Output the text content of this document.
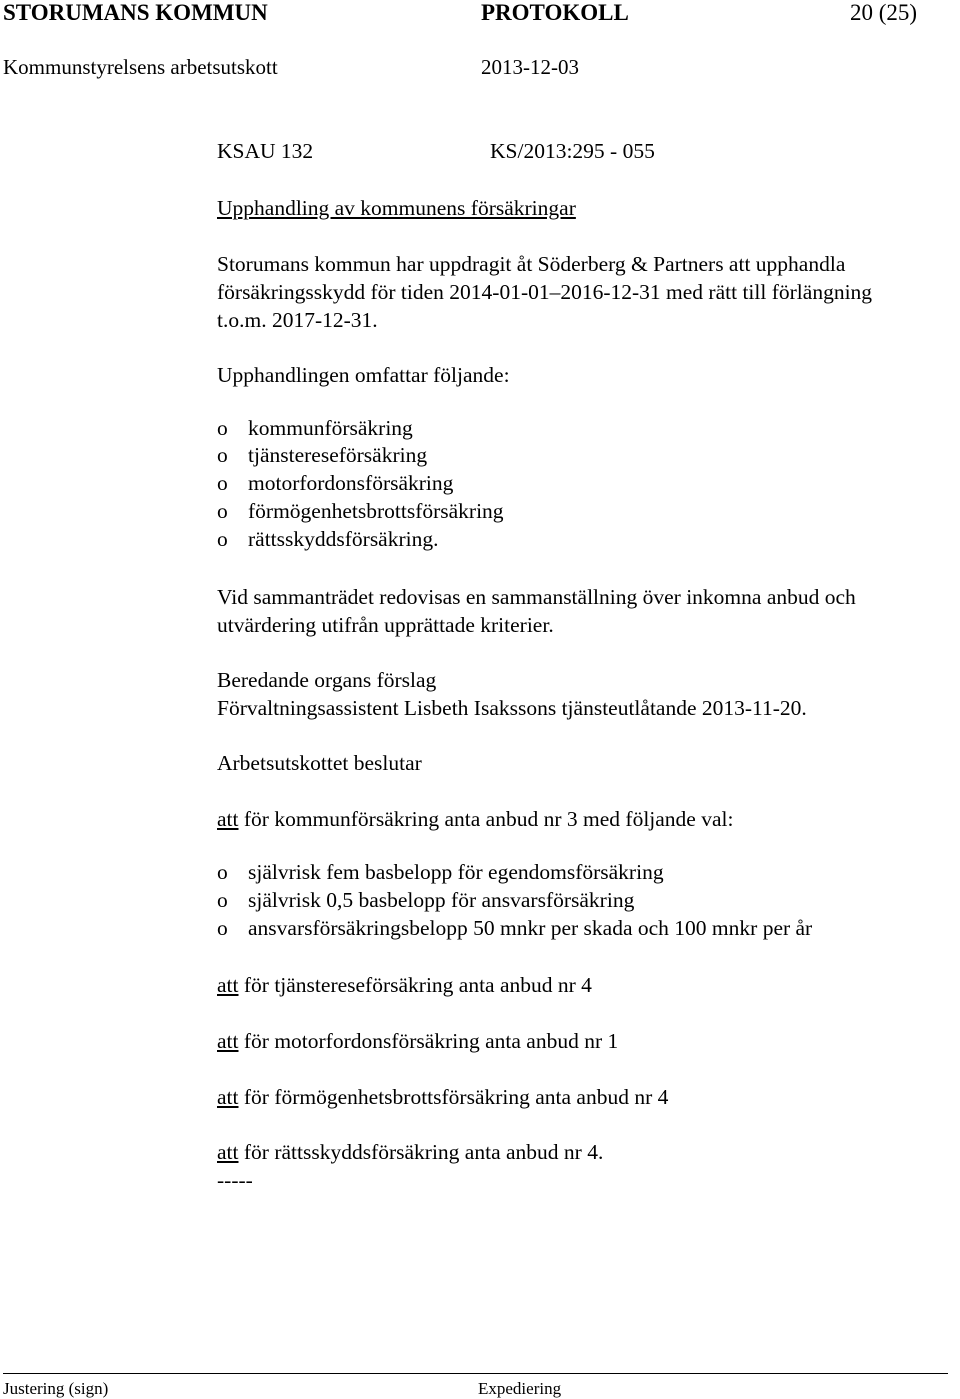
STORUMANS KOMMUN	PROTOKOLL	20 (25)
Kommunstyrelsens arbetsutskott	2013-12-03
KSAU 132	KS/2013:295 - 055
Upphandling av kommunens försäkringar
Storumans kommun har uppdragit åt Söderberg & Partners att upphandla
försäkringsskydd för tiden 2014-01-01–2016-12-31 med rätt till förlängning
t.o.m. 2017-12-31.
Upphandlingen omfattar följande:
o kommunförsäkring
o tjänstereseförsäkring
o motorfordonsförsäkring
o förmögenhetsbrottsförsäkring
o rättsskyddsförsäkring.
Vid sammanträdet redovisas en sammanställning över inkomna anbud och
utvärdering utifrån upprättade kriterier.
Beredande organs förslag
Förvaltningsassistent Lisbeth Isakssons tjänsteutlåtande 2013-11-20.
Arbetsutskottet beslutar
att för kommunförsäkring anta anbud nr 3 med följande val:
o självrisk fem basbelopp för egendomsförsäkring
o självrisk 0,5 basbelopp för ansvarsförsäkring
o ansvarsförsäkringsbelopp 50 mnkr per skada och 100 mnkr per år
att för tjänstereseförsäkring anta anbud nr 4
att för motorfordonsförsäkring anta anbud nr 1
att för förmögenhetsbrottsförsäkring anta anbud nr 4
att för rättsskyddsförsäkring anta anbud nr 4.
-----
Justering (sign)	Expediering
